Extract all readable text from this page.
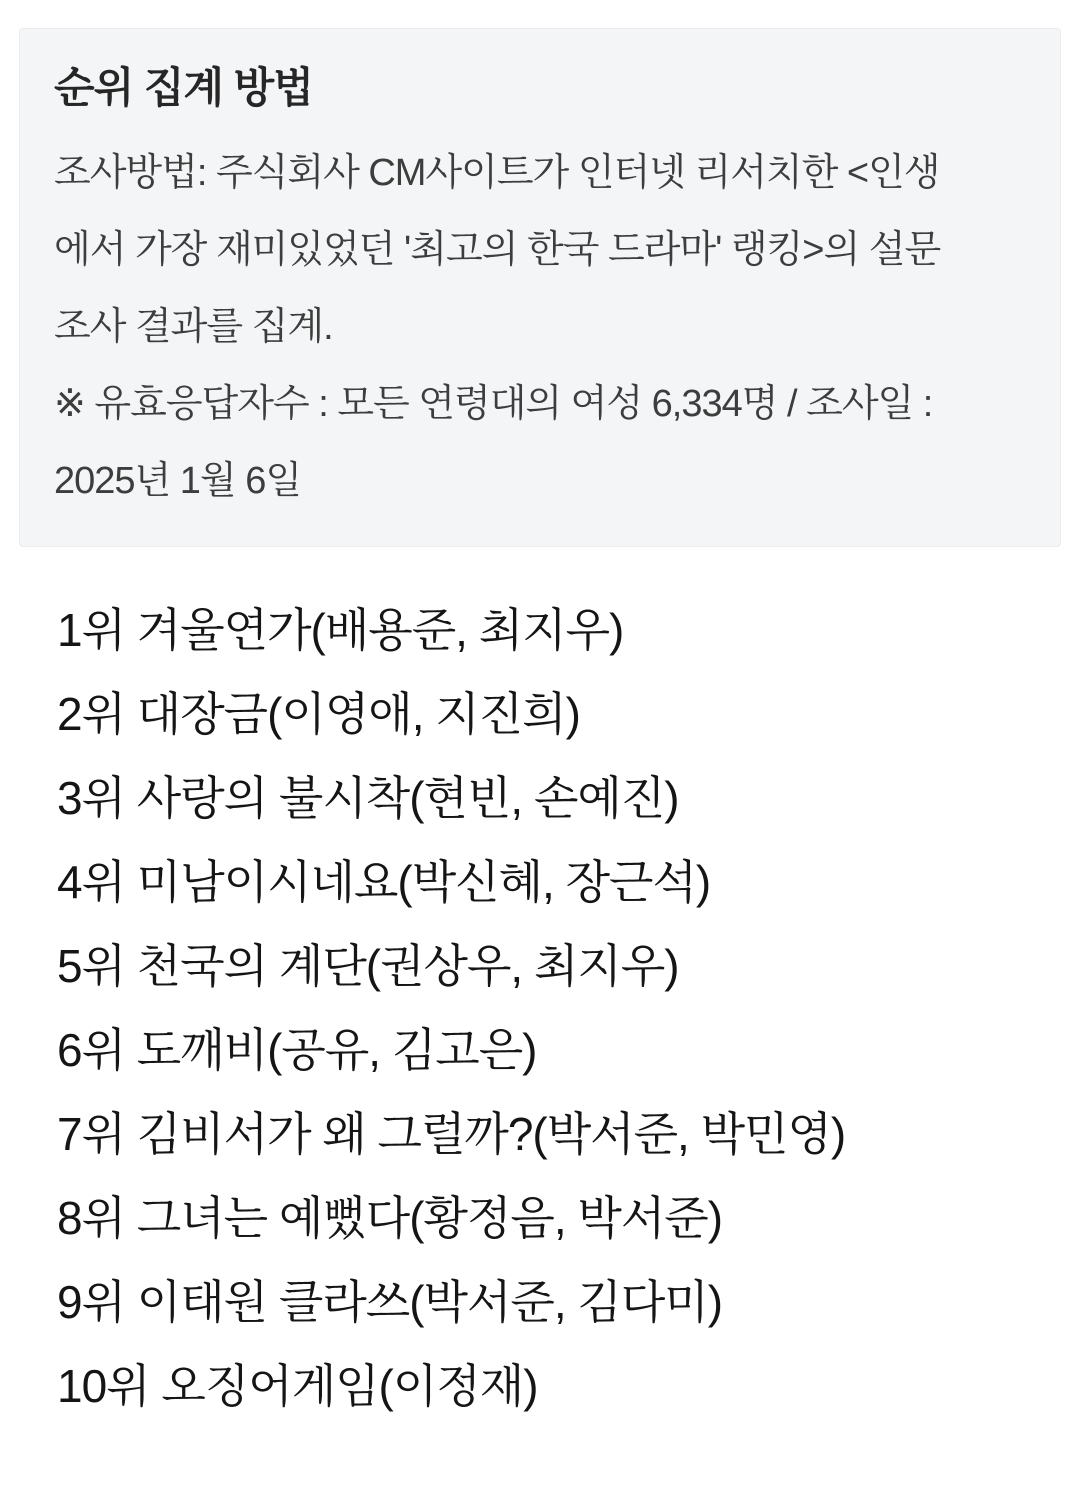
순위 집계 방법
조사방법: 주식회사 CM사이트가 인터넷 리서치한 <인생
에서 가장 재미있었던 '최고의 한국 드라마' 랭킹>의 설문
조사 결과를 집계.
※ 유효응답자수 : 모든 연령대의 여성 6,334명 / 조사일 :
2025년 1월 6일
1위 겨울연가(배용준, 최지우)
2위 대장금(이영애, 지진희)
3위 사랑의 불시착(현빈, 손예진)
4위 미남이시네요(박신혜, 장근석)
5위 천국의 계단(권상우, 최지우)
6위 도깨비(공유, 김고은)
7위 김비서가 왜 그럴까?(박서준, 박민영)
8위 그녀는 예뻤다(황정음, 박서준)
9위 이태원 클라쓰(박서준, 김다미)
10위 오징어게임(이정재)
